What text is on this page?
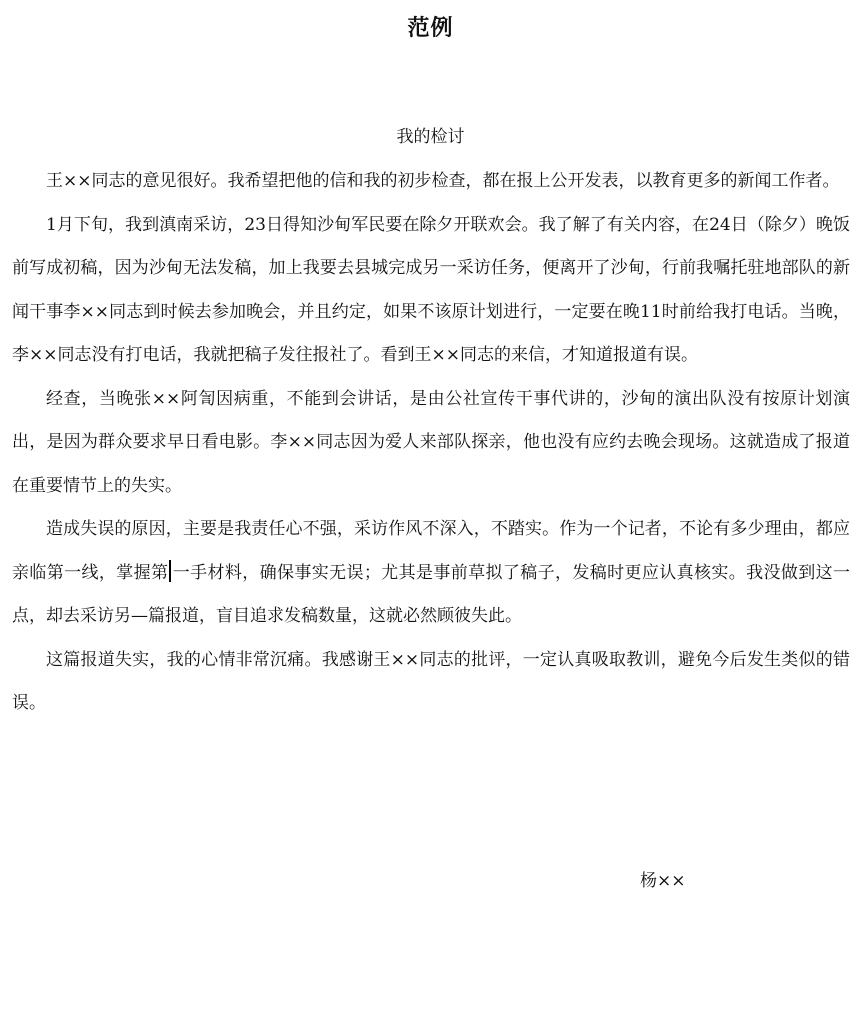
范例
我的检讨

王××同志的意见很好。我希望把他的信和我的初步检查，都在报上公开发表，以教育更多的新闻工作者。

1月下旬，我到滇南采访，23日得知沙甸军民要在除夕开联欢会。我了解了有关内容，在24日（除夕）晚饭前写成初稿，因为沙甸无法发稿，加上我要去县城完成另一采访任务，便离开了沙甸，行前我嘱托驻地部队的新闻干事李××同志到时候去参加晚会，并且约定，如果不该原计划进行，一定要在晚11时前给我打电话。当晚，李××同志没有打电话，我就把稿子发往报社了。看到王××同志的来信，才知道报道有误。

经查，当晚张××阿訇因病重，不能到会讲话，是由公社宣传干事代讲的，沙甸的演出队没有按原计划演出，是因为群众要求早日看电影。李××同志因为爱人来部队探亲，他也没有应约去晚会现场。这就造成了报道在重要情节上的失实。

造成失误的原因，主要是我责任心不强，采访作风不深入，不踏实。作为一个记者，不论有多少理由，都应亲临第一线，掌握第 一手材料，确保事实无误；尤其是事前草拟了稿子，发稿时更应认真核实。我没做到这一点，却去采访另—篇报道，盲目追求发稿数量，这就必然顾彼失此。

这篇报道失实，我的心情非常沉痛。我感谢王××同志的批评，一定认真吸取教训，避免今后发生类似的错误。

杨××
